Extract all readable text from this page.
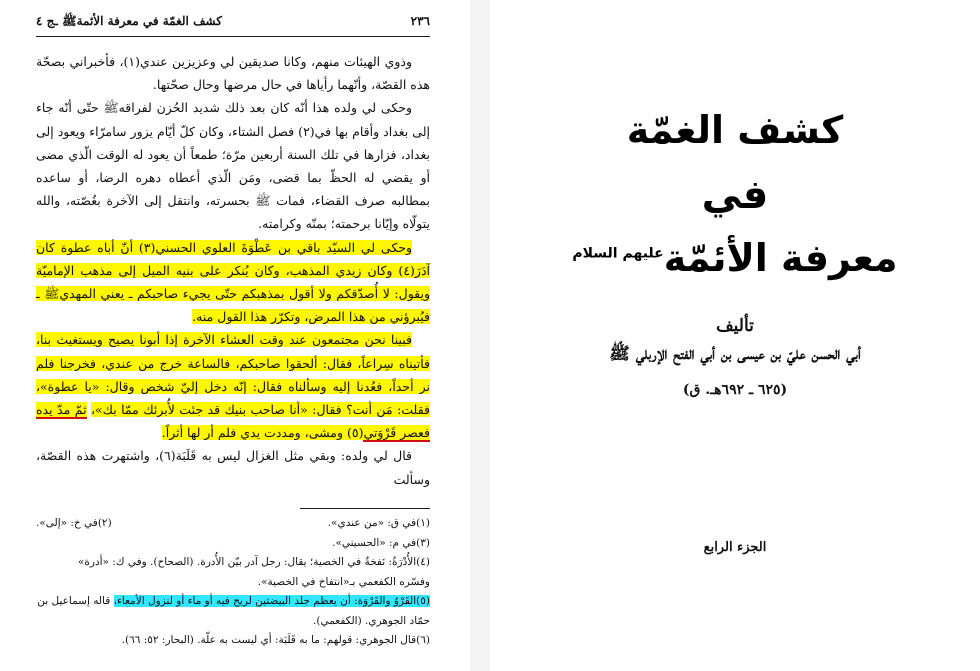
٢٣٦
كشف الغمّة في معرفة الأئمةﷺ ـج ٤

وذوي الهيئات منهم، وكانا صديقين لي وعزيزين عندي(١)، فأخبراني بصحّة هذه القصّة، وأنّهما رأياها في حال مرضها وحال صحّتها.

وحكى لي ولده هذا أنّه كان بعد ذلك شديد الحُزن لفراقهﷺ حتّى أنّه جاء إلى بغداد وأقام بها في(٢) فصل الشتاء، وكان كلّ أيّام يزور سامرّاء ويعود إلى بغداد، فزارها في تلك السنة أربعين مرّة؛ طمعاً أن يعود له الوقت الّذي مضى أو يقضي له الحظّ بما قضى، ومَن الّذي أعطاه دهره الرضا، أو ساعده بمطالبه صرف القضاء، فمات ﷺ بحسرته، وانتقل إلى الآخرة بغُصّته، والله يتولّاه وإيّانا برحمته؛ بمنّه وكرامته.

وحكى لي السيّد باقي بن عَطْوَةَ العلوي الحسني(٣) أنّ أباه عطوة كان آدَرَ(٤) وكان زيدي المذهب، وكان يُنكر على بنيه الميل إلى مذهب الإماميّة ويقول: لا أُصدّقكم ولا أقول بمذهبكم حتّى يجيء صاحبكم ـ يعني المهديﷺ ـ فيُبرؤني من هذا المرض، وتكرّر هذا القول منه.

فبينا نحن مجتمعون عند وقت العشاء الآخرة إذا أبونا يصيح ويستغيث بنا، فأتيناه سِراعاً، فقال: ألحقوا صاحبكم، فالساعة خرج من عندي، فخرجنا فلم نر أحداً، فعُدنا إليه وسألناه فقال: إنّه دخل إليّ شخص وقال: «يا عطوة»، فقلت: مَن أنت؟ فقال: «أنا صاحب بنيك قد جئت لأُبرئك ممّا بك»، ثمّ مدّ يده فعصر قَرْوَتي(٥) ومشى، ومددت يدي فلم أر لها أثراً.

قال لي ولده: وبقي مثل الغزال ليس به قَلَبَة(٦)، واشتهرت هذه القصّة، وسألت

(١)في ق: «من عندي».

(٢)في خ: «إلى».

(٣)في م: «الحسيني».

(٤)الأُدْرَةُ: نَفخةٌ في الخصية؛ يقال: رجل آدر بيّن الأُدرة. (الصحاح). وفي ك: «أدرة»

وفسّره الكفعمي بـ«انتفاخ في الخصية».

(٥)القَرْوُ والقَرْوَة: أن يعظم جلد البيضتين لريح فيه أو ماء أو لنزول الأمعاء، قاله إسماعيل بن حمّاد الجوهري. (الكفعمي).

(٦)قال الجوهري: قولهم: ما به قَلَبَة: أي ليست به علّة. (البحار: ٥٢: ٦٦).

كشف الغمّة
في
معرفة الأئمّة$^{عليهم السلام}$
تأليف
أبي الحسن عليّ بن عيسى بن أبي الفتح الإربلي ﷺ
(٦٢٥ ـ ٦٩٢هـ. ق)
الجزء الرابع
